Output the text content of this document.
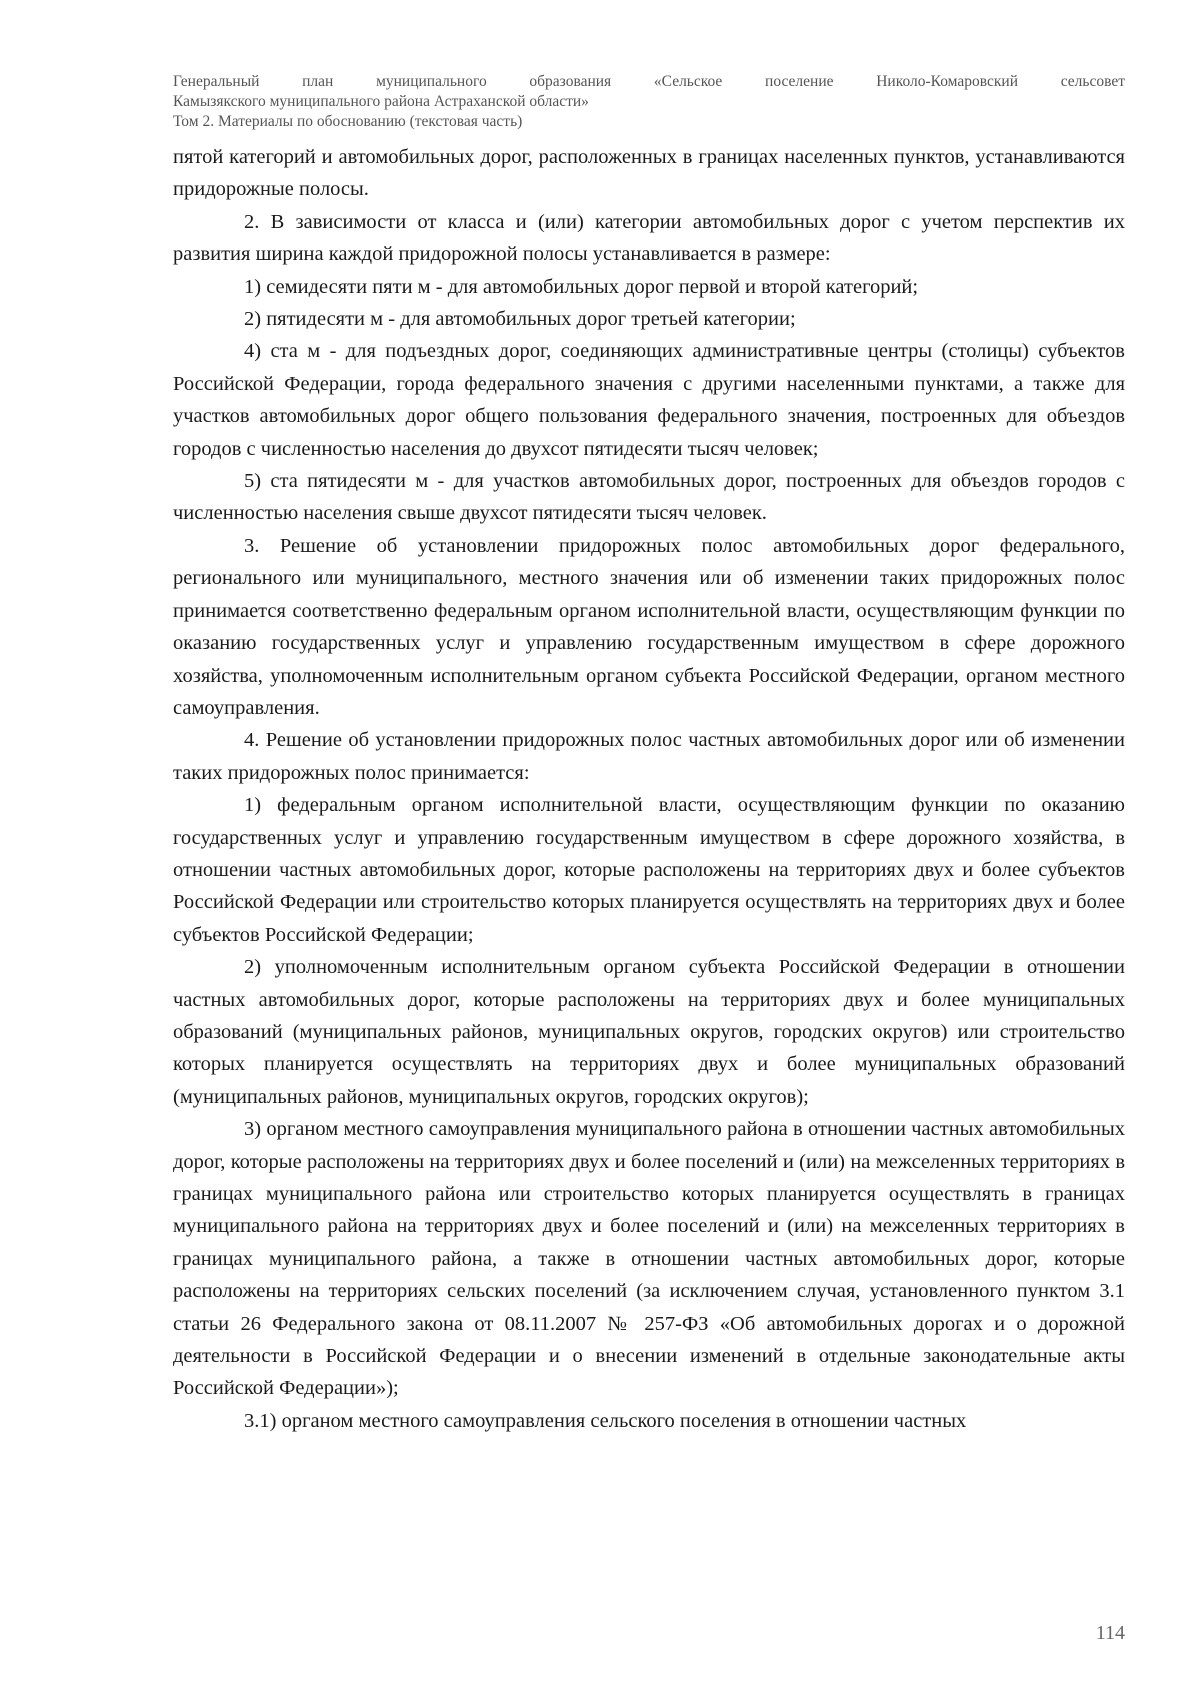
Генеральный план муниципального образования «Сельское поселение Николо-Комаровский сельсовет
Камызякского муниципального района Астраханской области»
Том 2. Материалы по обоснованию (текстовая часть)

пятой категорий и автомобильных дорог, расположенных в границах населенных пунктов, устанавливаются придорожные полосы.

2. В зависимости от класса и (или) категории автомобильных дорог с учетом перспектив их развития ширина каждой придорожной полосы устанавливается в размере:

1) семидесяти пяти м - для автомобильных дорог первой и второй категорий;

2) пятидесяти м - для автомобильных дорог третьей категории;

4) ста м - для подъездных дорог, соединяющих административные центры (столицы) субъектов Российской Федерации, города федерального значения с другими населенными пунктами, а также для участков автомобильных дорог общего пользования федерального значения, построенных для объездов городов с численностью населения до двухсот пятидесяти тысяч человек;

5) ста пятидесяти м - для участков автомобильных дорог, построенных для объездов городов с численностью населения свыше двухсот пятидесяти тысяч человек.

3. Решение об установлении придорожных полос автомобильных дорог федерального, регионального или муниципального, местного значения или об изменении таких придорожных полос принимается соответственно федеральным органом исполнительной власти, осуществляющим функции по оказанию государственных услуг и управлению государственным имуществом в сфере дорожного хозяйства, уполномоченным исполнительным органом субъекта Российской Федерации, органом местного самоуправления.

4. Решение об установлении придорожных полос частных автомобильных дорог или об изменении таких придорожных полос принимается:

1) федеральным органом исполнительной власти, осуществляющим функции по оказанию государственных услуг и управлению государственным имуществом в сфере дорожного хозяйства, в отношении частных автомобильных дорог, которые расположены на территориях двух и более субъектов Российской Федерации или строительство которых планируется осуществлять на территориях двух и более субъектов Российской Федерации;

2) уполномоченным исполнительным органом субъекта Российской Федерации в отношении частных автомобильных дорог, которые расположены на территориях двух и более муниципальных образований (муниципальных районов, муниципальных округов, городских округов) или строительство которых планируется осуществлять на территориях двух и более муниципальных образований (муниципальных районов, муниципальных округов, городских округов);

3) органом местного самоуправления муниципального района в отношении частных автомобильных дорог, которые расположены на территориях двух и более поселений и (или) на межселенных территориях в границах муниципального района или строительство которых планируется осуществлять в границах муниципального района на территориях двух и более поселений и (или) на межселенных территориях в границах муниципального района, а также в отношении частных автомобильных дорог, которые расположены на территориях сельских поселений (за исключением случая, установленного пунктом 3.1 статьи 26 Федерального закона от 08.11.2007 № 257-ФЗ «Об автомобильных дорогах и о дорожной деятельности в Российской Федерации и о внесении изменений в отдельные законодательные акты Российской Федерации»);

3.1) органом местного самоуправления сельского поселения в отношении частных

114
